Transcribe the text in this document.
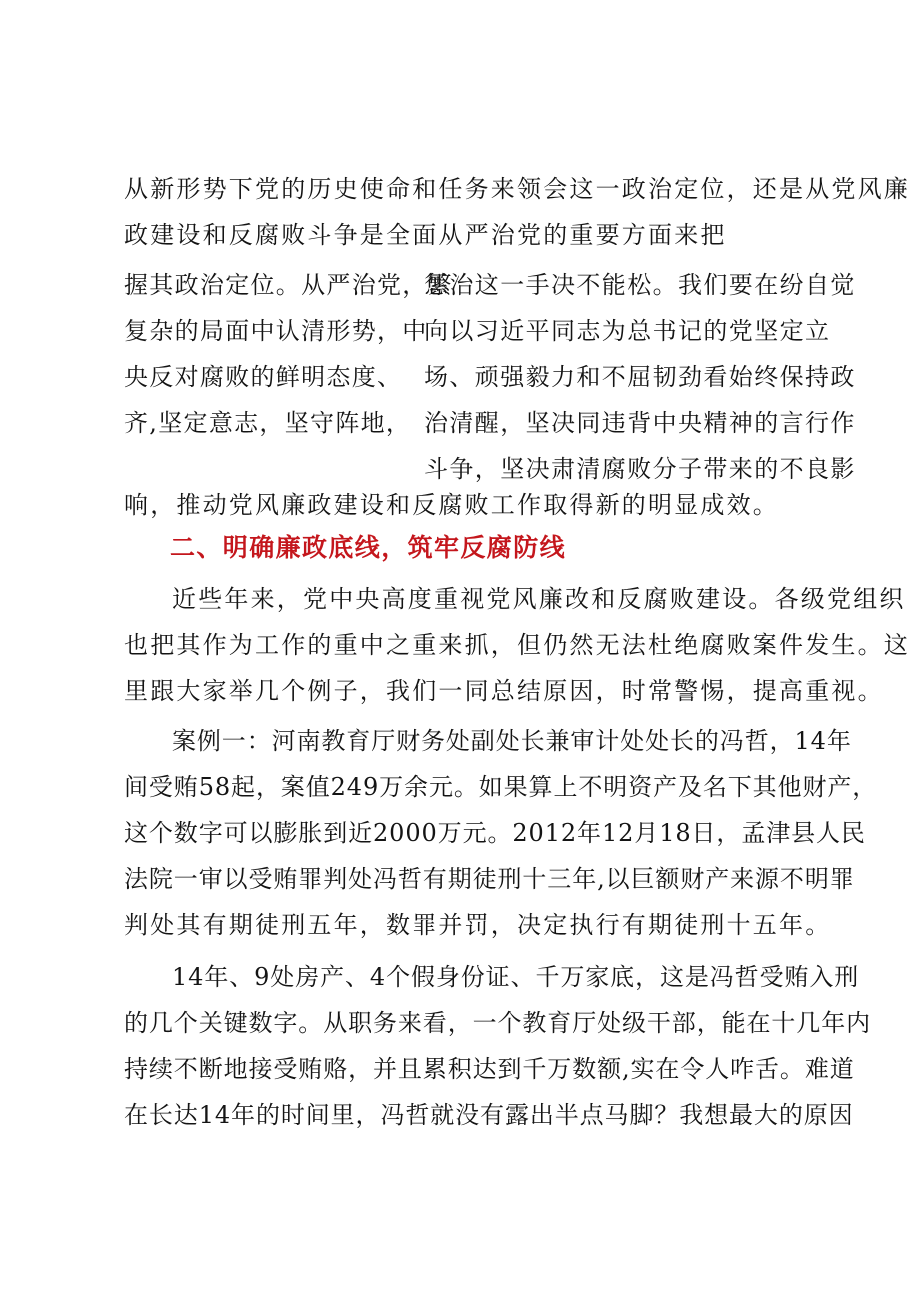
从新形势下党的历史使命和任务来领会这一政治定位，还是从党风廉
政建设和反腐败斗争是全面从严治党的重要方面来把
握其政治定位。从严治党，繁
复杂的局面中认清形势，中
央反对腐败的鲜明态度、
齐,坚定意志，坚守阵地，
惩治这一手决不能松。我们要在纷自觉
向以习近平同志为总书记的党坚定立
场、顽强毅力和不屈韧劲看始终保持政
治清醒，坚决同违背中央精神的言行作
斗争，坚决肃清腐败分子带来的不良影
响，推动党风廉政建设和反腐败工作取得新的明显成效。
二、明确廉政底线，筑牢反腐防线
近些年来，党中央高度重视党风廉改和反腐败建设。各级党组织
也把其作为工作的重中之重来抓，但仍然无法杜绝腐败案件发生。这
里跟大家举几个例子，我们一同总结原因，时常警惕，提高重视。
案例一：河南教育厅财务处副处长兼审计处处长的冯哲，14年
间受贿58起，案值249万余元。如果算上不明资产及名下其他财产，
这个数字可以膨胀到近2000万元。2012年12月18日，孟津县人民
法院一审以受贿罪判处冯哲有期徒刑十三年,以巨额财产来源不明罪
判处其有期徒刑五年，数罪并罚，决定执行有期徒刑十五年。
14年、9处房产、4个假身份证、千万家底，这是冯哲受贿入刑
的几个关键数字。从职务来看，一个教育厅处级干部，能在十几年内
持续不断地接受贿赂，并且累积达到千万数额,实在令人咋舌。难道
在长达14年的时间里，冯哲就没有露出半点马脚？我想最大的原因
